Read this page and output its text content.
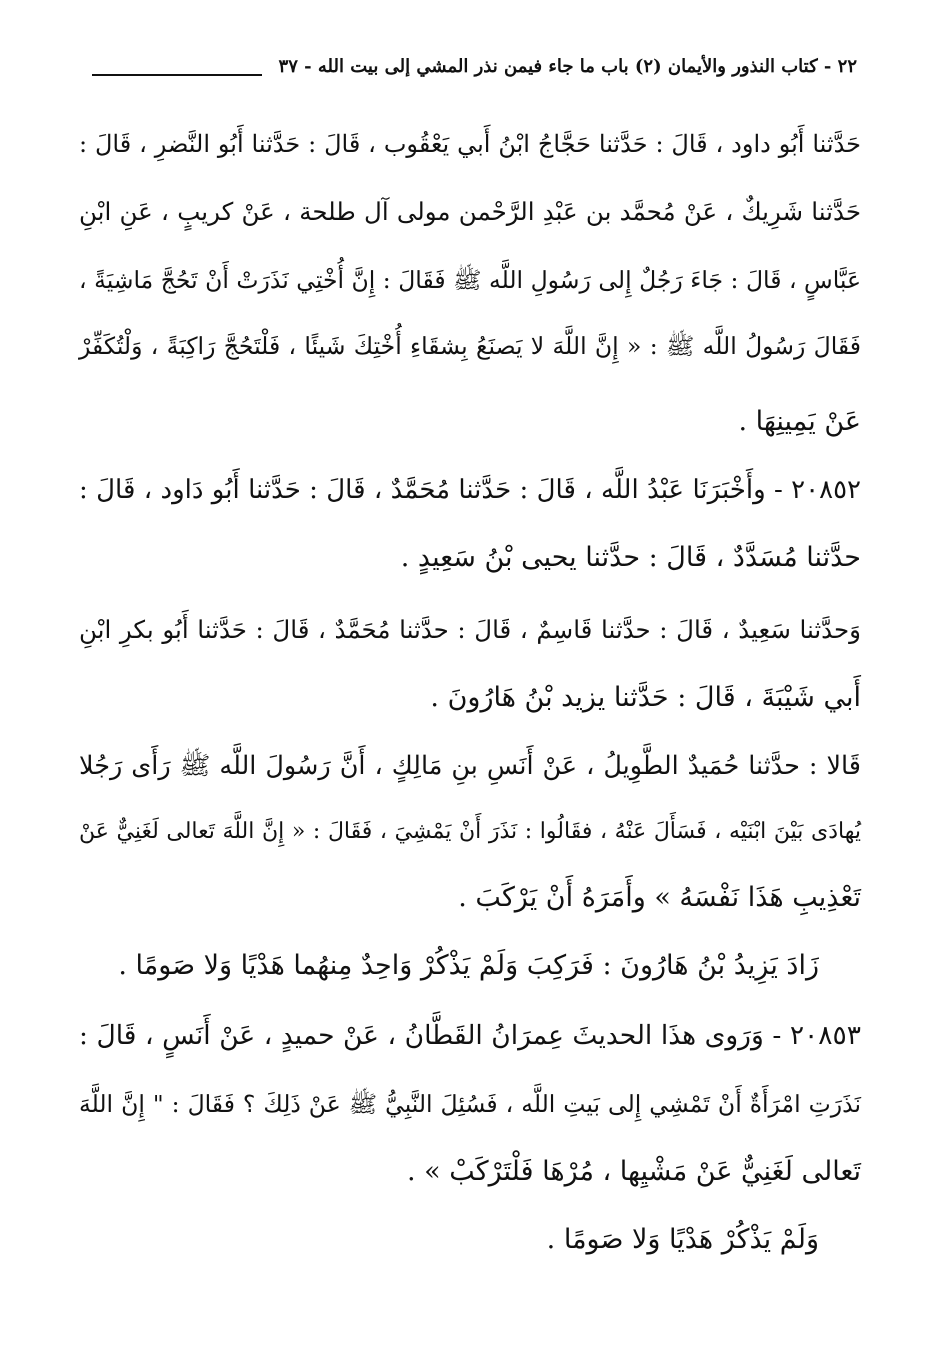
٢٢ - كتاب النذور والأيمان (٢) باب ما جاء فيمن نذر المشي إلى بيت الله - ٣٧
حَدَّثنا أَبُو داود ، قَالَ : حَدَّثنا حَجَّاجُ ابْنُ أَبي يَعْقُوب ، قَالَ : حَدَّثنا أَبُو النَّضرِ ، قَالَ :
حَدَّثنا شَرِيكٌ ، عَنْ مُحمَّد بن عَبْدِ الرَّحْمن مولى آل طلحة ، عَنْ كريبٍ ، عَنِ ابْنِ
عَبَّاسٍ ، قَالَ : جَاءَ رَجُلٌ إِلى رَسُولِ اللَّه ﷺ فَقَالَ : إِنَّ أُخْتِي نَذَرَتْ أَنْ تَحُجَّ مَاشِيَةً ،
فَقَالَ رَسُولُ اللَّه ﷺ : « إِنَّ اللَّهَ لا يَصنَعُ بِشقَاءِ أُخْتِكَ شَيئًا ، فَلْتَحُجَّ رَاكِبَةً ، وَلْتُكَفِّرْ
عَنْ يَمِينِهَا .
٢٠٨٥٢ - وأَخْبَرَنَا عَبْدُ اللَّه ، قَالَ : حَدَّثنا مُحَمَّدٌ ، قَالَ : حَدَّثنا أَبُو دَاود ، قَالَ :
حدَّثنا مُسَدَّدٌ ، قَالَ : حدَّثنا يحيى بْنُ سَعِيدٍ .
وَحدَّثنا سَعِيدٌ ، قَالَ : حدَّثنا قَاسِمٌ ، قَالَ : حدَّثنا مُحَمَّدٌ ، قَالَ : حَدَّثنا أَبُو بكرِ ابْنِ
أَبي شَيْبَةَ ، قَالَ : حَدَّثنا يزيد بْنُ هَارُونَ .
قَالا : حدَّثنا حُمَيدٌ الطَّوِيلُ ، عَنْ أَنَسِ بنِ مَالِكٍ ، أَنَّ رَسُولَ اللَّه ﷺ رَأَى رَجُلا
يُهادَى بَيْنَ ابْنَيْه ، فَسَأَلَ عَنْهُ ، فقَالُوا : نَذَرَ أَنْ يَمْشِيَ ، فَقَالَ : « إِنَّ اللَّهَ تَعالى لَغَنِيٌّ عَنْ
تَعْذِيبِ هَذَا نَفْسَهُ » وأَمَرَهُ أَنْ يَرْكَبَ .
زَادَ يَزِيدُ بْنُ هَارُونَ : فَرَكِبَ وَلَمْ يَذْكُرْ وَاحِدٌ مِنهُما هَدْيًا وَلا صَومًا .
٢٠٨٥٣ - وَرَوى هذَا الحديثَ عِمرَانُ القَطَّانُ ، عَنْ حميدٍ ، عَنْ أَنَسٍ ، قَالَ :
نَذَرَتِ امْرَأَةٌ أَنْ تَمْشِي إِلى بَيتِ اللَّه ، فَسُئِلَ النَّبِيُّ ﷺ عَنْ ذَلِكَ ؟ فَقَالَ : " إِنَّ اللَّهَ
تَعالى لَغَنِيٌّ عَنْ مَشْيِها ، مُرْهَا فَلْتَرْكَبْ » .
وَلَمْ يَذْكُرْ هَدْيًا وَلا صَومًا .
